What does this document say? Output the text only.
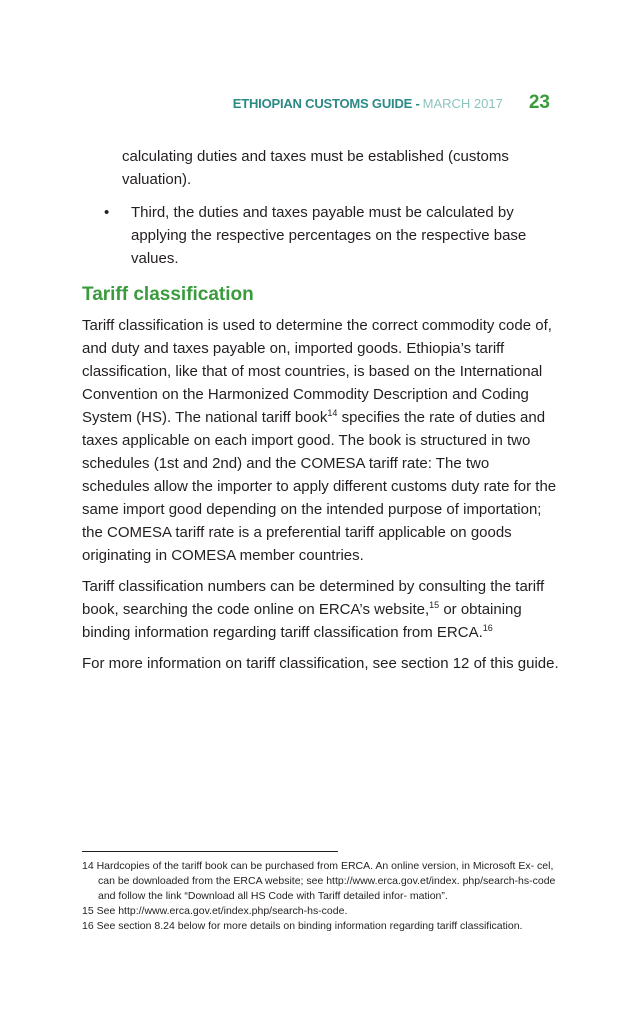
ETHIOPIAN CUSTOMS GUIDE - MARCH 2017 23

calculating duties and taxes must be established (customs valuation).

•	Third, the duties and taxes payable must be calculated by applying the respective percentages on the respective base values.
Tariff classification

Tariff classification is used to determine the correct commodity code of, and duty and taxes payable on, imported goods. Ethiopia’s tariff classification, like that of most countries, is based on the International Convention on the Harmonized Commodity Description and Coding System (HS). The national tariff book$^{14}$ specifies the rate of duties and taxes applicable on each import good. The book is structured in two schedules (1st and 2nd) and the COMESA tariff rate: The two schedules allow the importer to apply different customs duty rate for the same import good depending on the intended purpose of importation; the COMESA tariff rate is a preferential tariff applicable on goods originating in COMESA member countries.

Tariff classification numbers can be determined by consulting the tariff book, searching the code online on ERCA’s website,$^{15}$ or obtaining binding information regarding tariff classification from ERCA.$^{16}$

For more information on tariff classification, see section 12 of this guide.

14 Hardcopies of the tariff book can be purchased from ERCA. An online version, in Microsoft Ex- cel, can be downloaded from the ERCA website; see http://www.erca.gov.et/index. php/search-hs-code and follow the link “Download all HS Code with Tariff detailed infor- mation”.

15 See http://www.erca.gov.et/index.php/search-hs-code.

16 See section 8.24 below for more details on binding information regarding tariff classification.
